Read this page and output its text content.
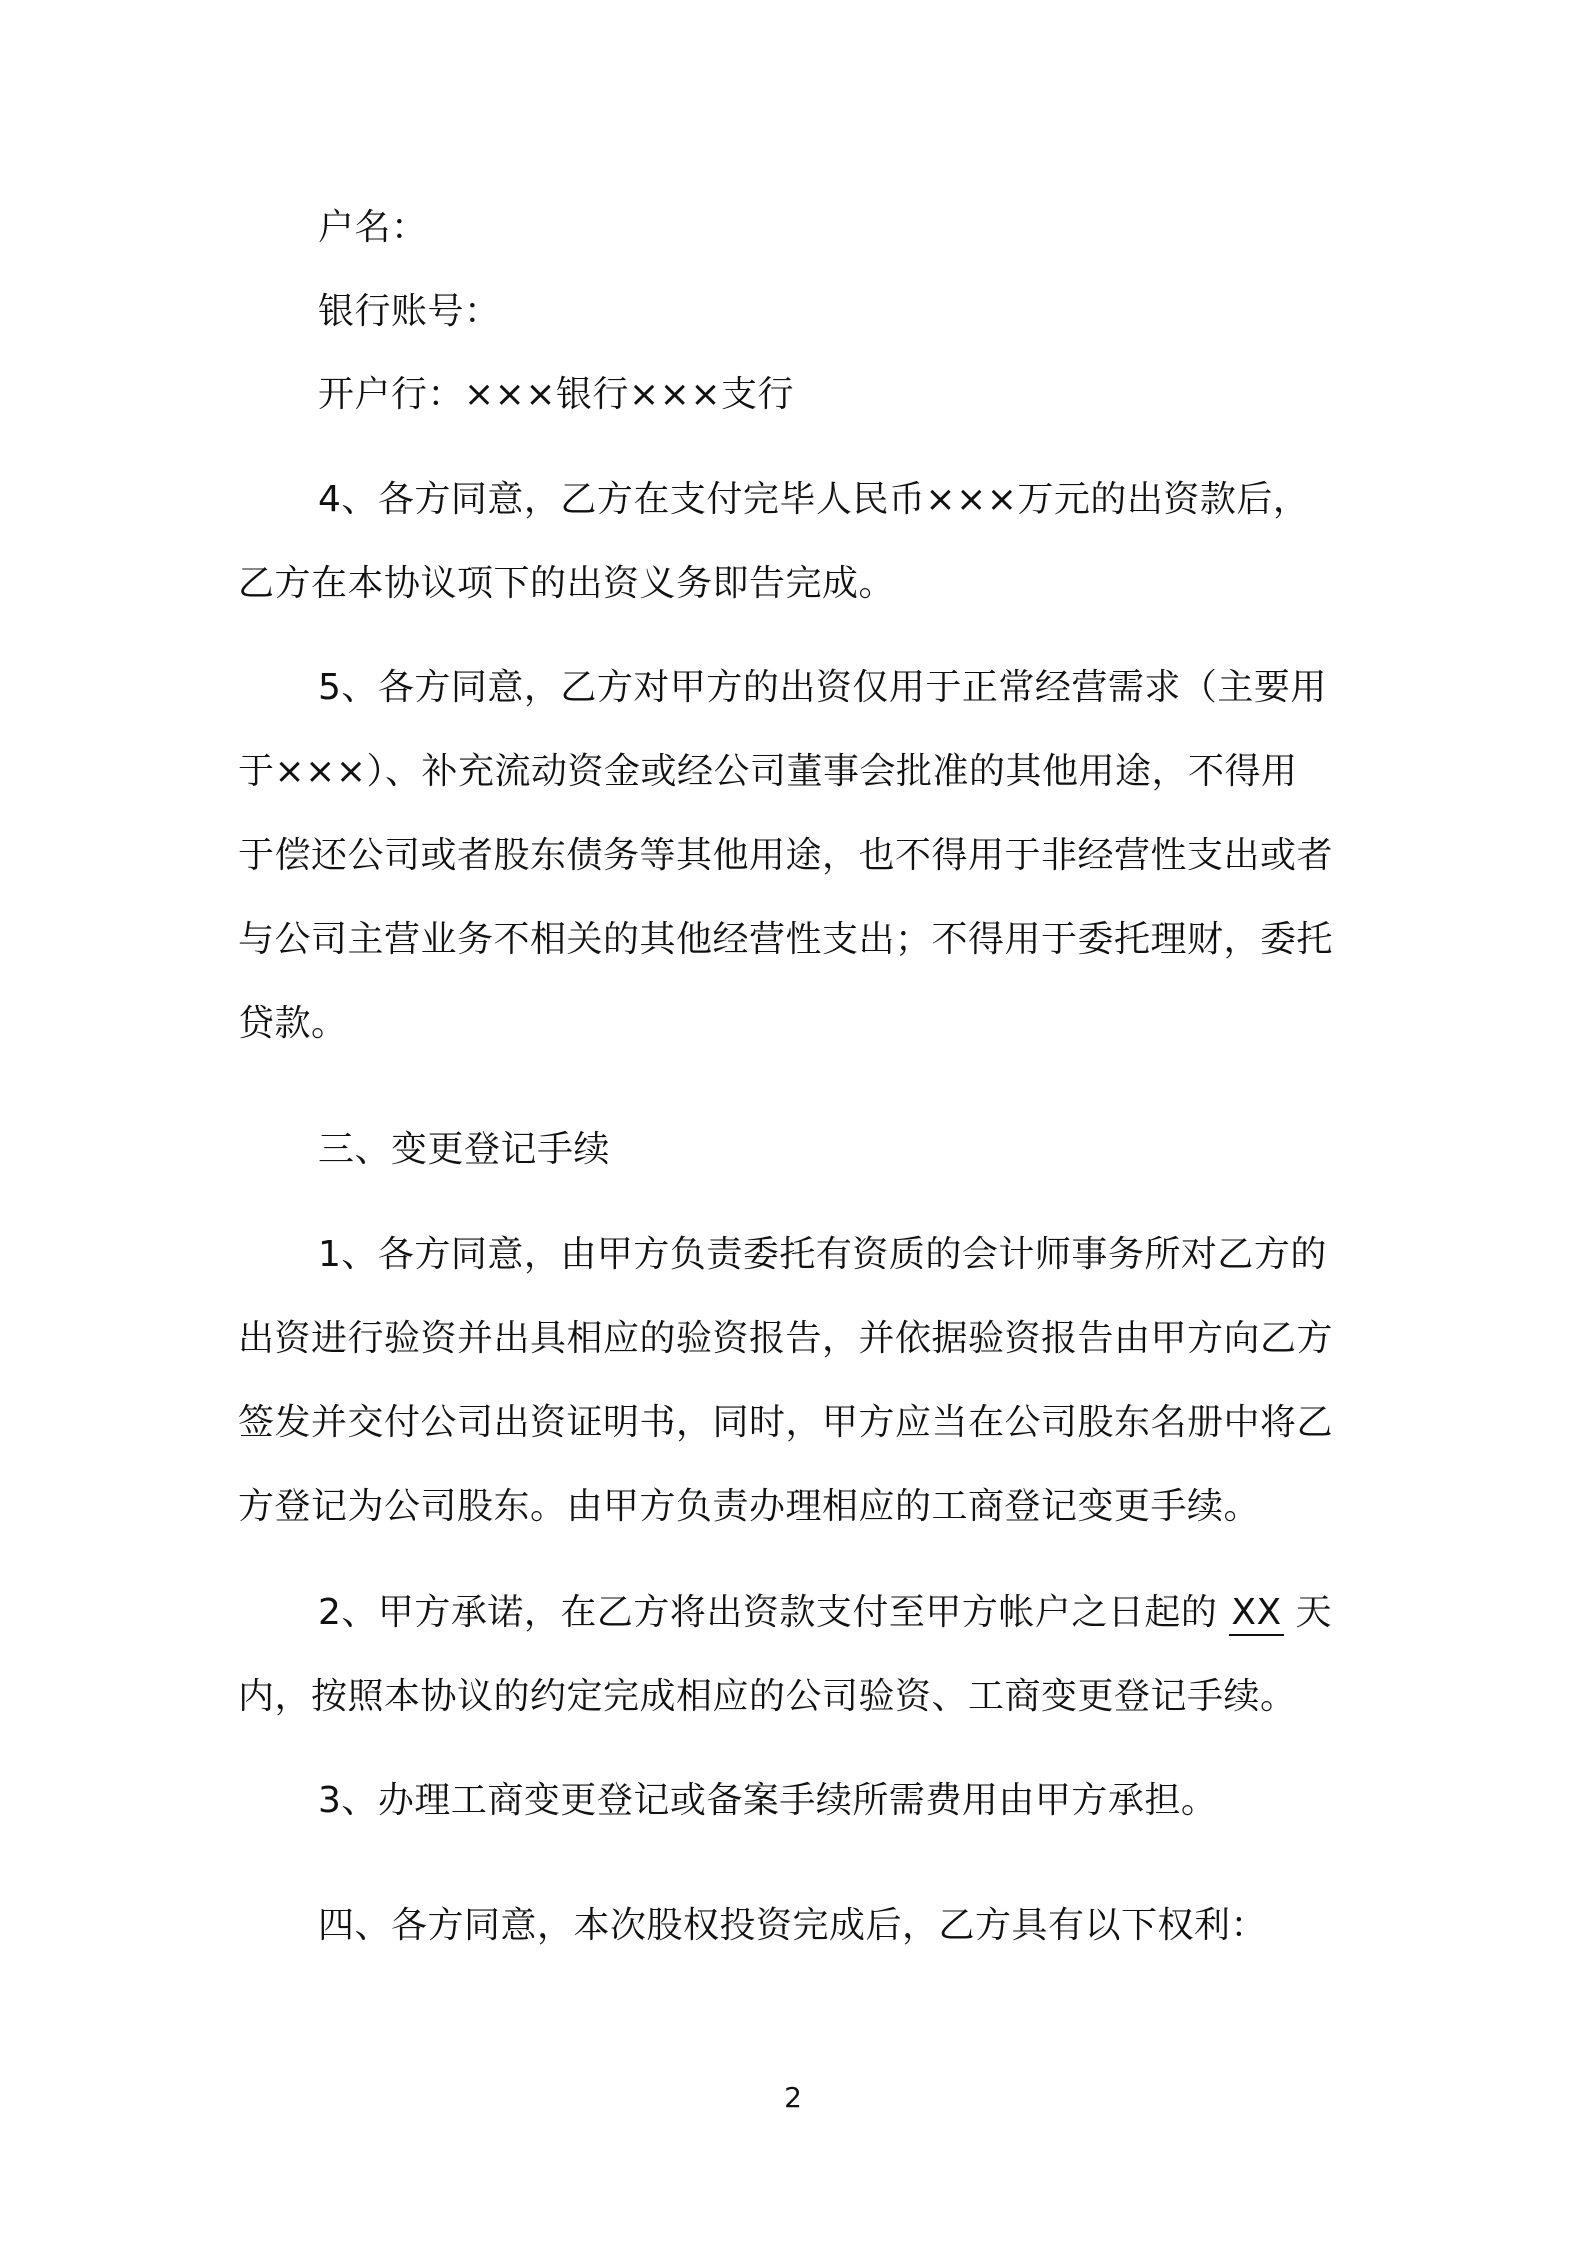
户名：
银行账号：
开户行：×××银行×××支行
4、各方同意，乙方在支付完毕人民币×××万元的出资款后，
乙方在本协议项下的出资义务即告完成。
5、各方同意，乙方对甲方的出资仅用于正常经营需求（主要用
于×××）、补充流动资金或经公司董事会批准的其他用途，不得用
于偿还公司或者股东债务等其他用途，也不得用于非经营性支出或者
与公司主营业务不相关的其他经营性支出；不得用于委托理财，委托
贷款。
三、变更登记手续
1、各方同意，由甲方负责委托有资质的会计师事务所对乙方的
出资进行验资并出具相应的验资报告，并依据验资报告由甲方向乙方
签发并交付公司出资证明书，同时，甲方应当在公司股东名册中将乙
方登记为公司股东。由甲方负责办理相应的工商登记变更手续。
2、甲方承诺，在乙方将出资款支付至甲方帐户之日起的 XX 天
内，按照本协议的约定完成相应的公司验资、工商变更登记手续。
3、办理工商变更登记或备案手续所需费用由甲方承担。
四、各方同意，本次股权投资完成后，乙方具有以下权利：
2
